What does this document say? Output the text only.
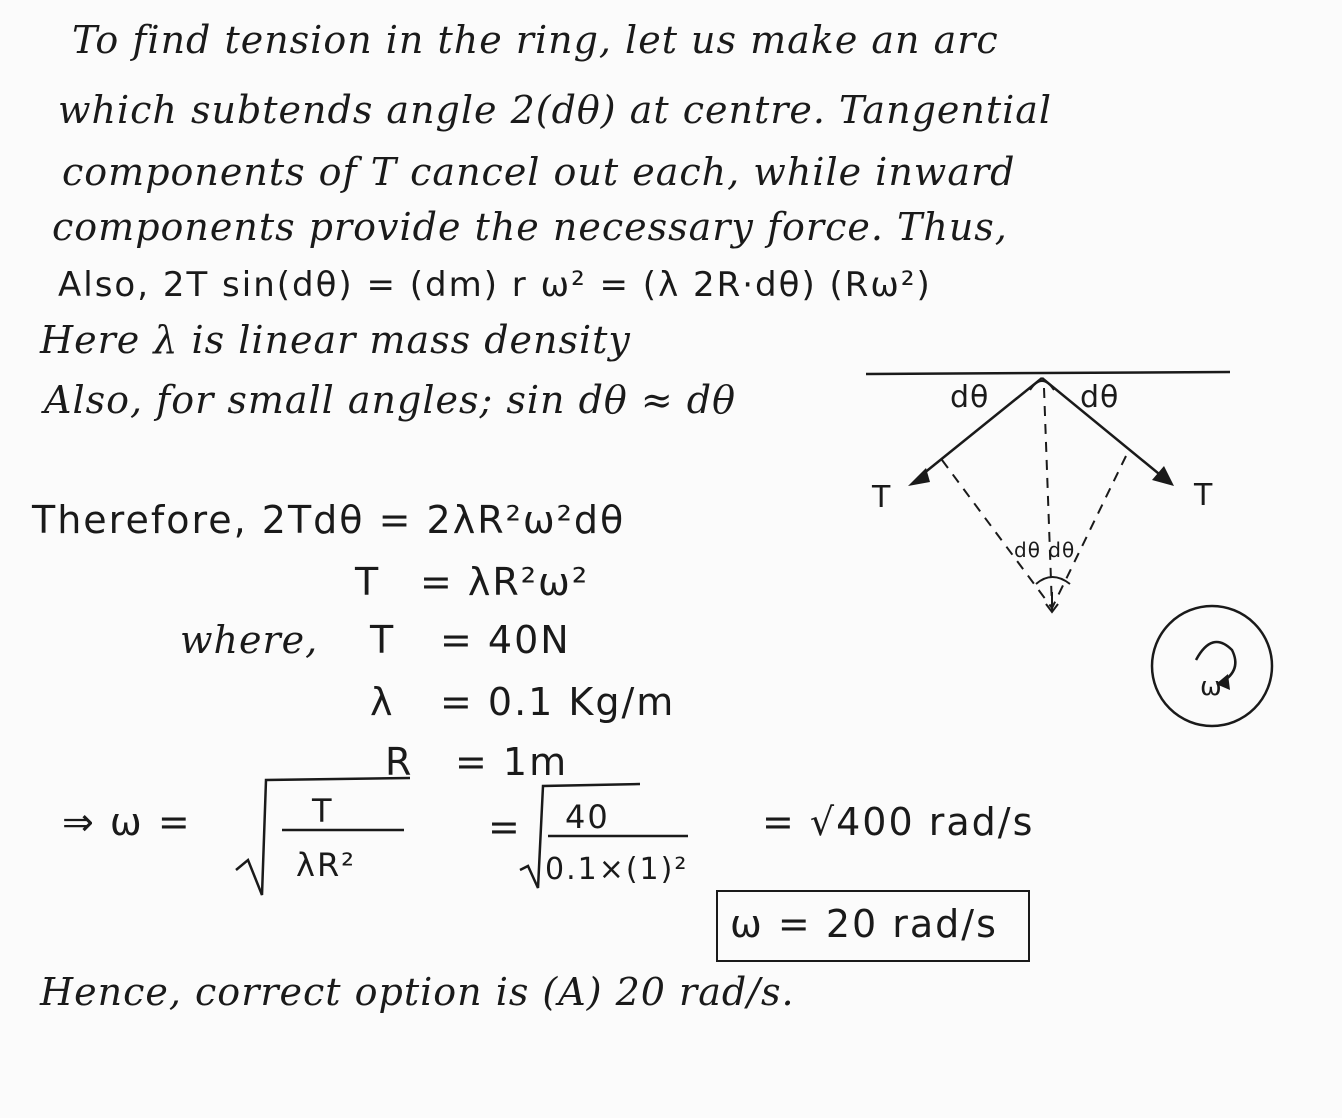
To find tension in the ring, let us make an arc
which subtends angle 2(dθ) at centre. Tangential
components of T cancel out each, while inward
components provide the necessary force. Thus,
Also, 2T sin(dθ) = (dm) r ω² = (λ 2R·dθ) (Rω²)
Here λ is linear mass density
Also, for small angles; sin dθ ≈ dθ
Therefore, 2Tdθ = 2λR²ω²dθ
T = λR²ω²
where, T = 40N
λ = 0.1 Kg/m
R = 1m
⇒ ω =	T
λR²
= 40
0.1×(1)²
= √400 rad/s
ω = 20 rad/s
Hence, correct option is (A) 20 rad/s.
dθ	dθ
T	T
dθ dθ
ω
